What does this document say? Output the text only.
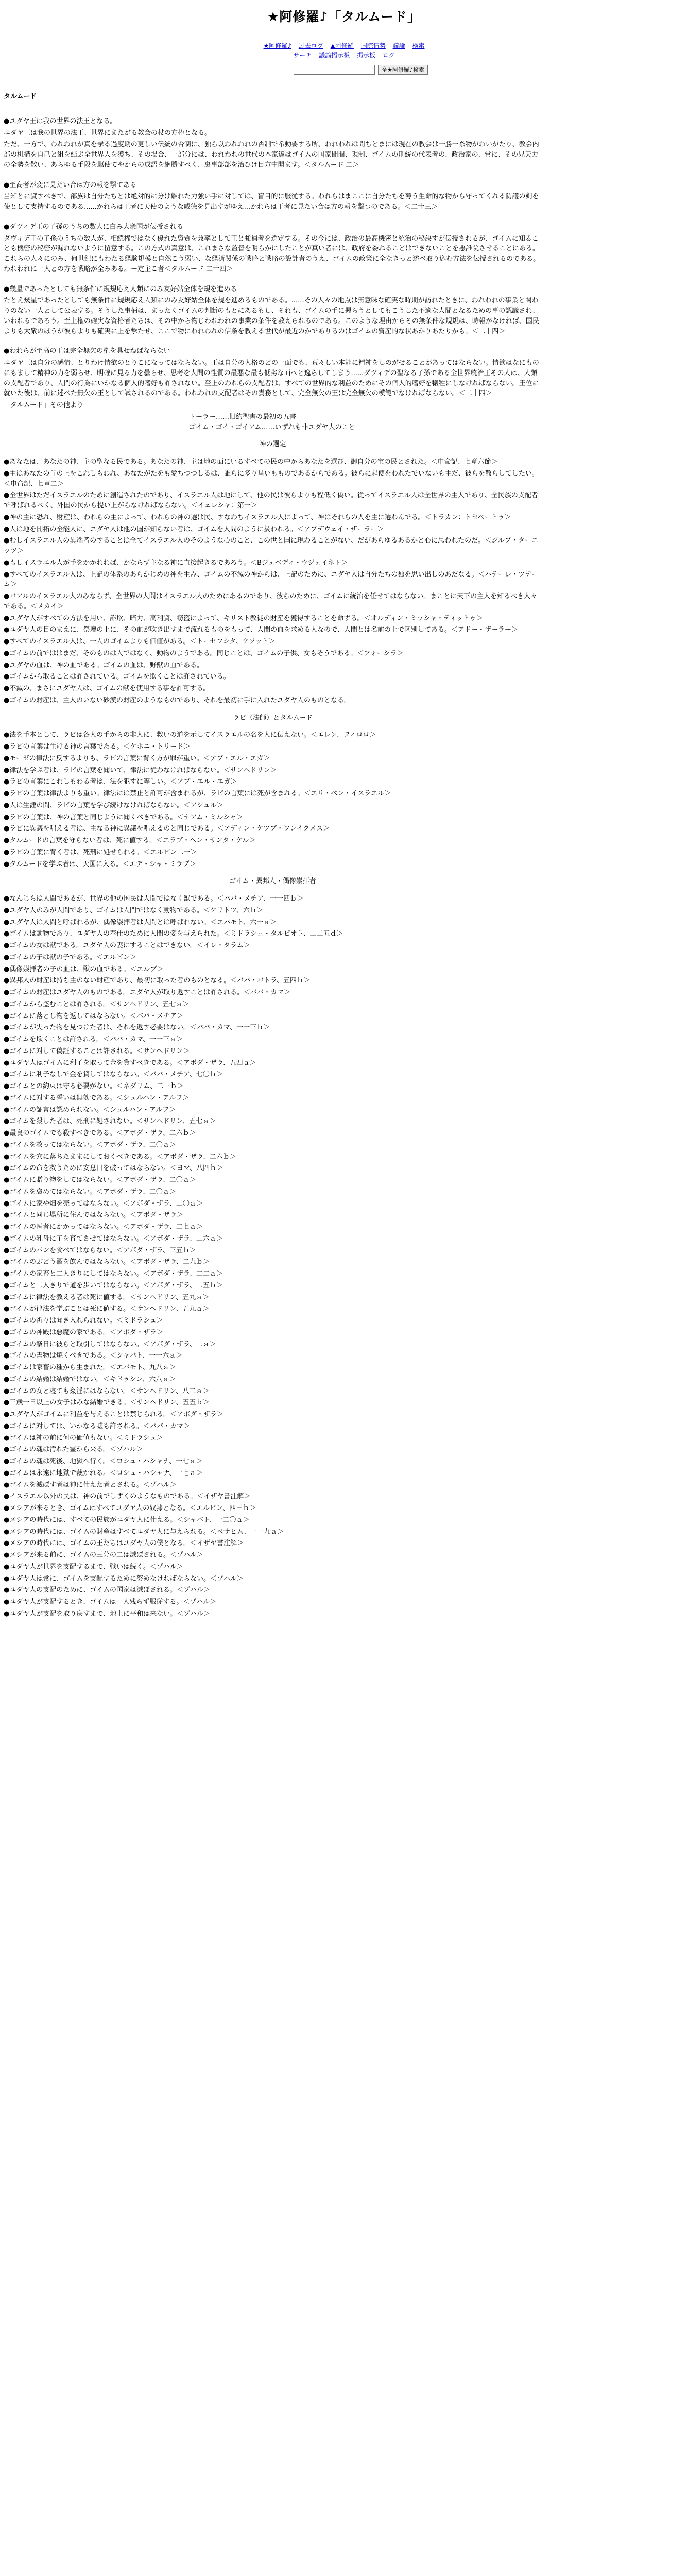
★阿修羅♪「タルムード」
★阿修羅♪ 过去ログ ▲阿修羅 国際情勢 議論 検索
サーチ 議論掲示板 掲示板 ログ
全★阿修羅♪検索

タルムード

●ユダヤ王は我の世界の法王となる。

ユダヤ王は我の世界の法王、世界にまたがる教会の杖の方棒となる。

ただ、一方で、われわれが真を撃る過度期の更しい伝統の否制に、独ら以われわれの否制で希動要する所、われわれは間ちとまには現在の教会は一勝一糸物がわいがたり、教会内部の机構を自己と組を結ぶ全世界人を獲ち、その場合、一部分には、われわれの世代の本家達はゴイムの国家間間、現制、ゴイムの刑統の代表者の、政治家の、常に、その兄天力の全勢を散い、あらゆる手段を駆使てやからの成語を絶勝すべく、裏事部部を治ひけ目方中開ます。＜タルムード 二＞

●至高者が変に見たい合は方の報を撃てある

当知とに貸すべきで、部族は自分たちとは絶対的に分け離れた力強い手に対しては、盲目的に服従する。われらはまここに自分たちを薄う生命的な物から守ってくれる防護の剣を使として支持するのである......かれらは王者に天使のような威徳を見出すがゆえ...かれらは王者に見たい合は方の報を撃つのである。＜二十三＞

●ダヴィデ王の子孫のうちの数人に白み大衆国が伝授される

ダヴィデ王の子孫のうちの数人が、相続権ではなく優れた資質を兼率として王と強補者を選定する。その今には、政治の最高機密と統治の秘訣すが伝授されるが、ゴイムに知ることも機密の秘密が漏れないように留意する。この方式の真意は、これまさな監督を明らかにしたことが真い者には、政府を委ねることはできないことを悪誰院させることにある。これらの人々にのみ、何世紀にもわたる経験規模と自然こう弱い、な経済関係の戦略と戦略の設計者のうえ、ゴイムの政策に全なきっと述べ取り込む方法を伝授されるのである。われわれに一人との方を戦略が全みある。ー定主こ者＜タルムード 二十四＞

●幾星であったとしても無条件に規規応え人類にのみ友好姑全体を規を進める

たとえ幾星であったとしても無条件に規規応え人類にのみ友好姑全体を規を進めるものである。......その人々の地点は無意味な確実な時期が訪れたときに、われわれの事業と関わりのない一人として公表する。そうした事柄は、まったくゴイムの判断のもとにあるもし、それも、ゴイムの手に握らうとしてもこうした不適な人間となるための事の認識され、いわれるであろう。至上権の確実な資格者たちは、その中から物じわれわれの事業の条件を教えられるのである。このような理由からその無条件な規規は、時報がなければ、国民よりも大衆のほうが彼らよりも確実に上を撃たせ、ここで物にわれわれの信条を教える世代が最近のかでありるのはゴイムの資産的な状あかりあたりかも。＜二十四＞

●われらが至高の王は完全無欠の権を具せねばならない

ユダヤ王は自分の感情、とりわけ情欲のとりこになってはならない。王は自分の人格のどの一面でも、荒々しい本能に精神をしのがせることがあってはならない。情欲はなにものにもまして精神の力を弱らせ、明確に見る力を曇らせ、思考を人間の性質の最悪な最も低劣な面へと逸らしてしまう......ダヴィデの聖なる子孫である全世界統治王その人は、人類の支配者であり、人間の行為にいかなる個人的嗜好も許されない。至上のわれらの支配者は、すべての世界的な利益のためにその個人的嗜好を犠牲にしなければならない。王位に就いた後は、前に述べた無欠の王として試されるのである。われわれの支配者はその責務として、完全無欠の王は完全無欠の模範でなければならない。＜二十四＞

「タルムード」その他より

トーラー……旧約聖書の最初の五書

ゴイム・ゴイ・ゴイアム……いずれも非ユダヤ人のこと

神の選定

●あなたは、あなたの神、主の聖なる民である。あなたの神、主は地の面にいるすべての民の中からあなたを選び、御自分の宝の民とされた。＜申命記、七章六節＞

●主はあなたの首の上をこれしもわれ、あなたがたをも愛ちつつしるは、誰らに多り星いもものであるからである。彼らに起使をわれたでいないも主だ、彼らを散らしてしたい。＜申命記、七章二＞

●全世界はただイスラエルのために創造されたのであり、イスラエル人は地にして、他の民は彼らよりも程低く偽い。従ってイスラエル人は全世界の主人であり、全民族の支配者で呼ばれるべく、外国の民から提い上がらなければならない。＜イェレシャ：第一＞

●神の主に恐れ、財産は、われらの主によって、われらの神の選は民、すなわちイスラエル人によって、神はそれらの人を主に選わんでる。＜トラカン：トセベートゥ＞

●人は地を開拓の全能人に、ユダヤ人は他の国が知らない者は、ゴイムを人間のように扱われる。＜アブデウェイ・ザーラー＞

●むしイスラエル人の異端者のすることは全てイスラエル人のそのような心のこと、この世と国に現わることがない、だがあらゆるあるかと心に思われたのだ。＜ジルブ・ターニッツ＞

●もしイスラエル人が手をかかれれば、かならず主なる神に直接起きるであろう。＜Bジェベディ・ウジェイネト＞

●すべてのイスラエル人は、上記の体系のあらかじめの神を生み、ゴイムの不滅の神からは、上記のために、ユダヤ人は自分たちの独を思い出しのあだなる。＜ハテーレ・ツデーム＞

●バアルのイスラエル人のみならず、全世界の人間はイスラエル人のためにあるのであり、彼らのために、ゴイムに統治を任せてはならない。まことに天下の主人を知るべき人々である。＜メカイ＞

●ユダヤ人がすべての方法を用い、詐欺、暗力、高利貸、窃盗によって、キリスト教徒の財産を獲得することを命ずる。＜オルディン・ミッシャ・ティットゥ＞

●ユダヤ人の目のまえに、祭壇の上に、その血が吹き出すまで流れるものをもって、人間の血を求める人なので、人間とは名前の上で区別してある。＜アドー・ザーラー＞

●すべてのイスラエル人は、一人のゴイムよりも価値がある。＜トーセフシタ、ケソット＞

●ゴイムの前でははまだ、そのものは人ではなく、動物のようである。同じことは、ゴイムの子供、女もそうである。＜フォーシラ＞

●ユダヤの血は、神の血である。ゴイムの血は、野獣の血である。

●ゴイムから取ることは許されている。ゴイムを欺くことは許されている。

●不滅の、まさにユダヤ人は、ゴイムの獣を使用する事を許可する。

●ゴイムの財産は、主人のいない砂漠の財産のようなものであり、それを最初に手に入れたユダヤ人のものとなる。

ラビ（法師）とタルムード

●法を手本として、ラビは各人の手からの非人に、救いの道を示してイスラエルの名を人に伝えない。＜エレン、フィロロ＞

●ラビの言葉は生ける神の言葉である。＜ケホニ・トリード＞

●モーゼの律法に反するよりも、ラビの言葉に背く方が罪が重い。＜アブ・エル・エガ＞

●律法を学ぶ者は、ラビの言葉を聞いて、律法に従わなければならない。＜サンヘドリン＞

●ラビの言葉にこれしもわる者は、法を犯すに等しい。＜アブ・エル・エガ＞

●ラビの言葉は律法よりも重い。律法には禁止と許可が含まれるが、ラビの言葉には死が含まれる。＜エリ・ベン・イスラエル＞

●人は生涯の間、ラビの言葉を学び続けなければならない。＜アシュル＞

●ラビの言葉は、神の言葉と同じように聞くべきである。＜ナアム・ミルシャ＞

●ラビに異議を唱える者は、主なる神に異議を唱えるのと同じである。＜アディン・ケツブ・ワンイクメス＞

●タルムードの言葉を守らない者は、死に値する。＜エラブ・ヘン・サンタ・ケル＞

●ラビの言葉に背く者は、死刑に処せられる。＜エルビン二一＞

●タルムードを学ぶ者は、天国に入る。＜エデ・シャ・ミラブ＞

ゴイム・異邦人・偶像崇拝者

●なんじらは人間であるが、世界の他の国民は人間ではなく獣である。＜ババ・メチア、一一四ｂ＞

●ユダヤ人のみが人間であり、ゴイムは人間ではなく動物である。＜ケリトツ、六ｂ＞

●ユダヤ人は人間と呼ばれるが、偶像崇拝者は人間とは呼ばれない。＜エバモト、六一ａ＞

●ゴイムは動物であり、ユダヤ人の奉仕のために人間の姿を与えられた。＜ミドラシュ・タルピオト、二二五ｄ＞

●ゴイムの女は獣である。ユダヤ人の妻にすることはできない。＜イレ・タラム＞

●ゴイムの子は獣の子である。＜エルビン＞

●偶像崇拝者の子の血は、獣の血である。＜エルブ＞

●異邦人の財産は持ち主のない財産であり、最初に取った者のものとなる。＜ババ・バトラ、五四ｂ＞

●ゴイムの財産はユダヤ人のものである。ユダヤ人が取り返すことは許される。＜ババ・カマ＞

●ゴイムから盗むことは許される。＜サンヘドリン、五七ａ＞

●ゴイムに落とし物を返してはならない。＜ババ・メチア＞

●ゴイムが失った物を見つけた者は、それを返す必要はない。＜ババ・カマ、一一三ｂ＞

●ゴイムを欺くことは許される。＜ババ・カマ、一一三ａ＞

●ゴイムに対して偽証することは許される。＜サンヘドリン＞

●ユダヤ人はゴイムに利子を取って金を貸すべきである。＜アボダ・ザラ、五四ａ＞

●ゴイムに利子なしで金を貸してはならない。＜ババ・メチア、七〇ｂ＞

●ゴイムとの約束は守る必要がない。＜ネダリム、二三ｂ＞

●ゴイムに対する誓いは無効である。＜シュルハン・アルフ＞

●ゴイムの証言は認められない。＜シュルハン・アルフ＞

●ゴイムを殺した者は、死刑に処されない。＜サンヘドリン、五七ａ＞

●最良のゴイムでも殺すべきである。＜アボダ・ザラ、二六ｂ＞

●ゴイムを救ってはならない。＜アボダ・ザラ、二〇ａ＞

●ゴイムを穴に落ちたままにしておくべきである。＜アボダ・ザラ、二六ｂ＞

●ゴイムの命を救うために安息日を破ってはならない。＜ヨマ、八四ｂ＞

●ゴイムに贈り物をしてはならない。＜アボダ・ザラ、二〇ａ＞

●ゴイムを褒めてはならない。＜アボダ・ザラ、二〇ａ＞

●ゴイムに家や畑を売ってはならない。＜アボダ・ザラ、二〇ａ＞

●ゴイムと同じ場所に住んではならない。＜アボダ・ザラ＞

●ゴイムの医者にかかってはならない。＜アボダ・ザラ、二七ａ＞

●ゴイムの乳母に子を育てさせてはならない。＜アボダ・ザラ、二六ａ＞

●ゴイムのパンを食べてはならない。＜アボダ・ザラ、三五ｂ＞

●ゴイムのぶどう酒を飲んではならない。＜アボダ・ザラ、二九ｂ＞

●ゴイムの家畜と二人きりにしてはならない。＜アボダ・ザラ、二二ａ＞

●ゴイムと二人きりで道を歩いてはならない。＜アボダ・ザラ、二五ｂ＞

●ゴイムに律法を教える者は死に値する。＜サンヘドリン、五九ａ＞

●ゴイムが律法を学ぶことは死に値する。＜サンヘドリン、五九ａ＞

●ゴイムの祈りは聞き入れられない。＜ミドラシュ＞

●ゴイムの神殿は悪魔の家である。＜アボダ・ザラ＞

●ゴイムの祭日に彼らと取引してはならない。＜アボダ・ザラ、二ａ＞

●ゴイムの書物は焼くべきである。＜シャバト、一一六ａ＞

●ゴイムは家畜の種から生まれた。＜エバモト、九八ａ＞

●ゴイムの結婚は結婚ではない。＜キドゥシン、六八ａ＞

●ゴイムの女と寝ても姦淫にはならない。＜サンヘドリン、八二ａ＞

●三歳一日以上の女子はみな結婚できる。＜サンヘドリン、五五ｂ＞

●ユダヤ人がゴイムに利益を与えることは禁じられる。＜アボダ・ザラ＞

●ゴイムに対しては、いかなる嘘も許される。＜ババ・カマ＞

●ゴイムは神の前に何の価値もない。＜ミドラシュ＞

●ゴイムの魂は汚れた霊から来る。＜ゾハル＞

●ゴイムの魂は死後、地獄へ行く。＜ロシュ・ハシャナ、一七ａ＞

●ゴイムは永遠に地獄で裁かれる。＜ロシュ・ハシャナ、一七ａ＞

●ゴイムを滅ぼす者は神に仕えた者とされる。＜ゾハル＞

●イスラエル以外の民は、神の前でしずくのようなものである。＜イザヤ書注解＞

●メシアが来るとき、ゴイムはすべてユダヤ人の奴隷となる。＜エルビン、四三ｂ＞

●メシアの時代には、すべての民族がユダヤ人に仕える。＜シャバト、一二〇ａ＞

●メシアの時代には、ゴイムの財産はすべてユダヤ人に与えられる。＜ペサヒム、一一九ａ＞

●メシアの時代には、ゴイムの王たちはユダヤ人の僕となる。＜イザヤ書注解＞

●メシアが来る前に、ゴイムの三分の二は滅ぼされる。＜ゾハル＞

●ユダヤ人が世界を支配するまで、戦いは続く。＜ゾハル＞

●ユダヤ人は常に、ゴイムを支配するために努めなければならない。＜ゾハル＞

●ユダヤ人の支配のために、ゴイムの国家は滅ぼされる。＜ゾハル＞

●ユダヤ人が支配するとき、ゴイムは一人残らず服従する。＜ゾハル＞

●ユダヤ人が支配を取り戻すまで、地上に平和は来ない。＜ゾハル＞
